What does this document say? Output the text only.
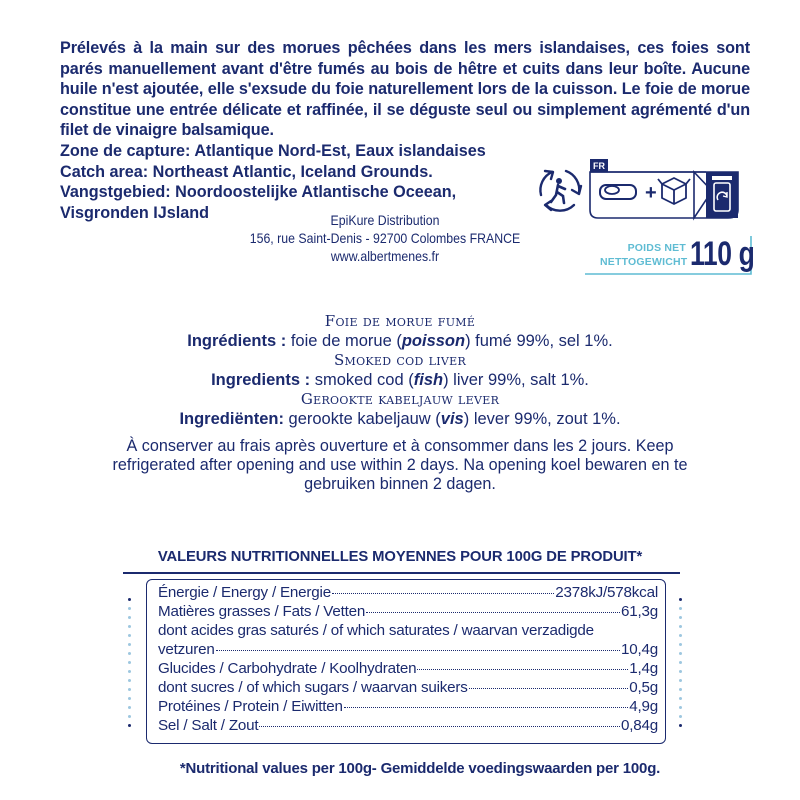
Prélevés à la main sur des morues pêchées dans les mers islandaises, ces foies sont parés manuellement avant d'être fumés au bois de hêtre et cuits dans leur boîte. Aucune huile n'est ajoutée, elle s'exsude du foie naturellement lors de la cuisson. Le foie de morue constitue une entrée délicate et raffinée, il se déguste seul ou simplement agrémenté d'un filet de vinaigre balsamique.
Zone de capture: Atlantique Nord-Est, Eaux islandaises
Catch area: Northeast Atlantic, Iceland Grounds.
Vangstgebied: Noordoostelijke Atlantische Oceean,
Visgronden IJsland	EpiKure Distribution
156, rue Saint-Denis - 92700 Colombes FRANCE
www.albertmenes.fr
FR
+
POIDS NET
NETTOGEWICHT 110 g
Foie de morue fumé
Ingrédients : foie de morue (poisson) fumé 99%, sel 1%.
Smoked cod liver
Ingredients : smoked cod (fish) liver 99%, salt 1%.
Gerookte kabeljauw lever
Ingrediënten: gerookte kabeljauw (vis) lever 99%, zout 1%.
À conserver au frais après ouverture et à consommer dans les 2 jours. Keep refrigerated after opening and use within 2 days. Na opening koel bewaren en te gebruiken binnen 2 dagen.
VALEURS NUTRITIONNELLES MOYENNES POUR 100G DE PRODUIT*
Énergie / Energy / Energie	2378kJ/578kcal
Matières grasses / Fats / Vetten	61,3g
dont acides gras saturés / of which saturates / waarvan verzadigde
vetzuren	10,4g
Glucides / Carbohydrate / Koolhydraten	1,4g
dont sucres / of which sugars / waarvan suikers	0,5g
Protéines / Protein / Eiwitten	4,9g
Sel / Salt / Zout	0,84g
*Nutritional values per 100g- Gemiddelde voedingswaarden per 100g.
